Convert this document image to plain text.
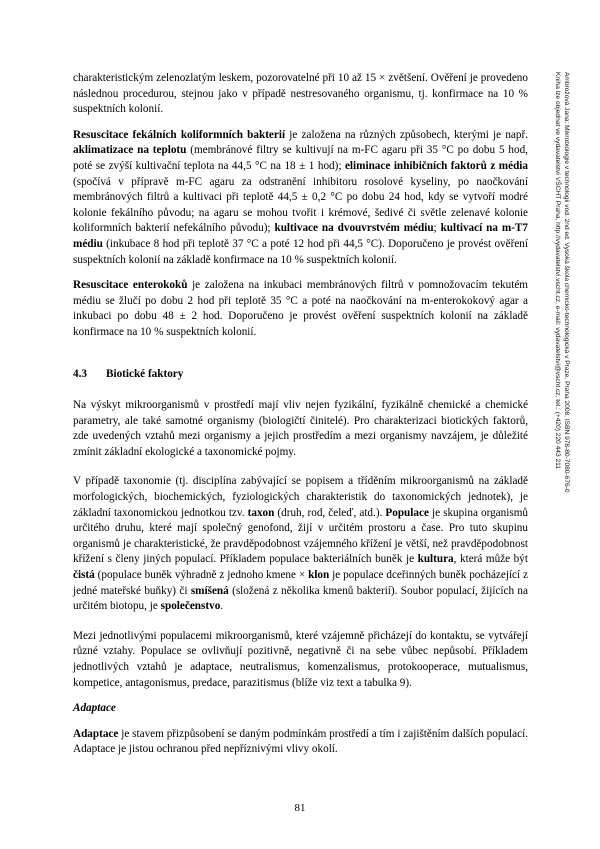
charakteristickým zelenozlatým leskem, pozorovatelné při 10 až 15 × zvětšení. Ověření je provedeno následnou procedurou, stejnou jako v případě nestresovaného organismu, tj. konfirmace na 10 % suspektních kolonií.

Resuscitace fekálních koliformních bakterií je založena na různých způsobech, kterými je např. aklimatizace na teplotu (membránové filtry se kultivují na m-FC agaru při 35 °C po dobu 5 hod, poté se zvýší kultivační teplota na 44,5 °C na 18 ± 1 hod); eliminace inhibičních faktorů z média (spočívá v přípravě m-FC agaru za odstranění inhibitoru rosolové kyseliny, po naočkování membránových filtrů a kultivaci při teplotě 44,5 ± 0,2 °C po dobu 24 hod, kdy se vytvoří modré kolonie fekálního původu; na agaru se mohou tvořit i krémové, šedivé či světle zelenavé kolonie koliformních bakterií nefekálního původu); kultivace na dvouvrstvém médiu; kultivací na m-T7 médiu (inkubace 8 hod při teplotě 37 °C a poté 12 hod při 44,5 °C). Doporučeno je provést ověření suspektních kolonií na základě konfirmace na 10 % suspektních kolonií.

Resuscitace enterokoků je založena na inkubaci membránových filtrů v pomnožovacím tekutém médiu se žlučí po dobu 2 hod při teplotě 35 °C a poté na naočkování na m-enterokokový agar a inkubaci po dobu 48 ± 2 hod. Doporučeno je provést ověření suspektních kolonií na základě konfirmace na 10 % suspektních kolonií.

4.3 Biotické faktory

Na výskyt mikroorganismů v prostředí mají vliv nejen fyzikální, fyzikálně chemické a chemické parametry, ale také samotné organismy (biologičtí činitelé). Pro charakterizaci biotických faktorů, zde uvedených vztahů mezi organismy a jejich prostředím a mezi organismy navzájem, je důležité zmínit základní ekologické a taxonomické pojmy.

V případě taxonomie (tj. disciplína zabývající se popisem a tříděním mikroorganismů na základě morfologických, biochemických, fyziologických charakteristik do taxonomických jednotek), je základní taxonomickou jednotkou tzv. taxon (druh, rod, čeleď, atd.). Populace je skupina organismů určitého druhu, které mají společný genofond, žijí v určitém prostoru a čase. Pro tuto skupinu organismů je charakteristické, že pravděpodobnost vzájemného křížení je větší, než pravděpodobnost křížení s členy jiných populací. Příkladem populace bakteriálních buněk je kultura, která může být čistá (populace buněk výhradně z jednoho kmene × klon je populace dceřinných buněk pocházející z jedné mateřské buňky) či smíšená (složená z několika kmenů bakterií). Soubor populací, žijících na určitém biotopu, je společenstvo.

Mezi jednotlivými populacemi mikroorganismů, které vzájemně přicházejí do kontaktu, se vytvářejí různé vztahy. Populace se ovlivňují pozitivně, negativně či na sebe vůbec nepůsobí. Příkladem jednotlivých vztahů je adaptace, neutralismus, komenzalismus, protokooperace, mutualismus, kompetice, antagonismus, predace, parazitismus (blíže viz text a tabulka 9).

Adaptace

Adaptace je stavem přizpůsobení se daným podmínkám prostředí a tím i zajištěním dalších populací. Adaptace je jistou ochranou před nepříznivými vlivy okolí.

81
Ambrožová Jana: Mikrobiologie v technologii vod. 2nd ed. Vysoká škola chemicko-technologická v Praze, Praha 2008, ISBN 978-80-7080-676-0
Kniha lze objednat ve vydavatelství VŠCHT Praha, http://vydavatelstvi.vscht.cz, e-mail: vydavatelstvi@vscht.cz, tel.: (+420) 220 443 211
